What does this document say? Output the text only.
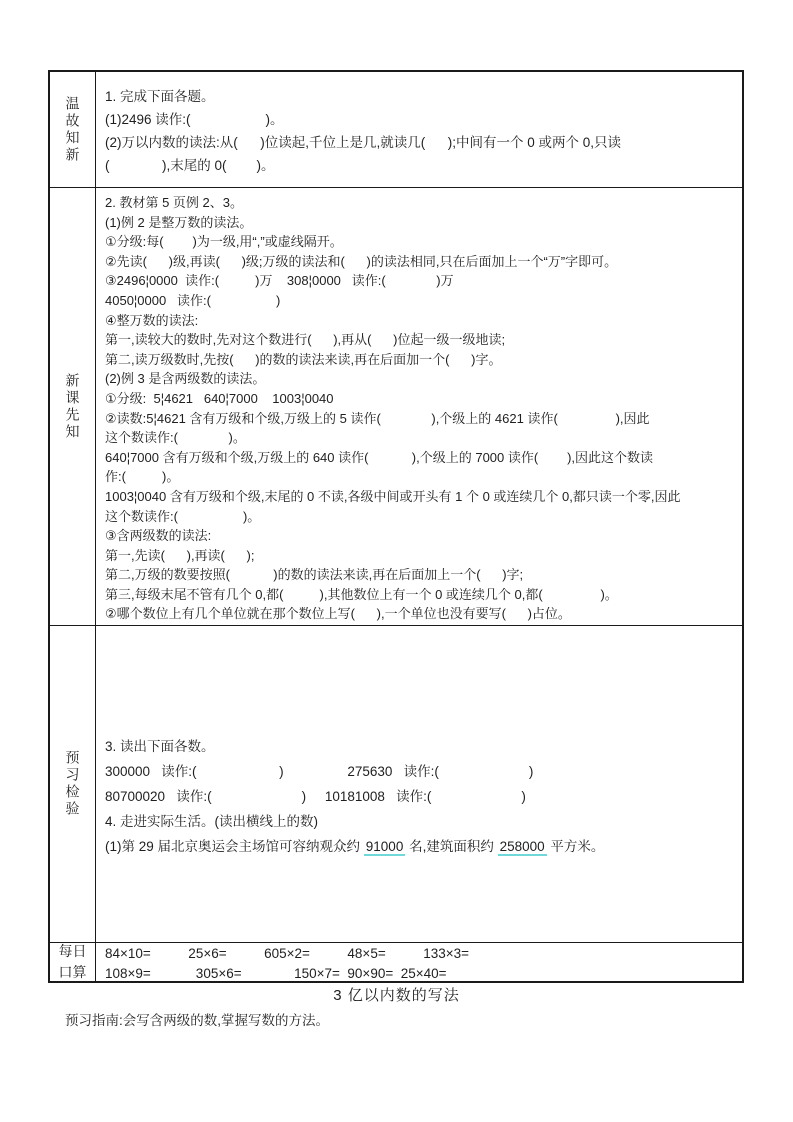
温故知新 1. 完成下面各题。
(1)2496 读作:(                    )。
(2)万以内数的读法:从(      )位读起,千位上是几,就读几(      );中间有一个 0 或两个 0,只读
(              ),末尾的 0(        )。
新课先知
2. 教材第 5 页例 2、3。
(1)例 2 是整万数的读法。
①分级:每(        )为一级,用“,”或虚线隔开。
②先读(      )级,再读(      )级;万级的读法和(      )的读法相同,只在后面加上一个“万”字即可。
③2496¦0000  读作:(          )万    308¦0000   读作:(              )万
4050¦0000   读作:(                  )
④整万数的读法:
第一,读较大的数时,先对这个数进行(      ),再从(      )位起一级一级地读;
第二,读万级数时,先按(      )的数的读法来读,再在后面加一个(      )字。
(2)例 3 是含两级数的读法。
①分级:  5¦4621   640¦7000    1003¦0040
②读数:5¦4621 含有万级和个级,万级上的 5 读作(              ),个级上的 4621 读作(                ),因此
这个数读作:(              )。
640¦7000 含有万级和个级,万级上的 640 读作(            ),个级上的 7000 读作(        ),因此这个数读
作:(          )。
1003¦0040 含有万级和个级,末尾的 0 不读,各级中间或开头有 1 个 0 或连续几个 0,都只读一个零,因此
这个数读作:(                  )。
③含两级数的读法:
第一,先读(      ),再读(      );
第二,万级的数要按照(            )的数的读法来读,再在后面加上一个(      )字;
第三,每级末尾不管有几个 0,都(          ),其他数位上有一个 0 或连续几个 0,都(                )。
②哪个数位上有几个单位就在那个数位上写(      ),一个单位也没有要写(      )占位。
预习检验
3. 读出下面各数。
300000   读作:(                      )                 275630   读作:(                        )
80700020   读作:(                        )     10181008   读作:(                        )
4. 走进实际生活。(读出横线上的数)
(1)第 29 届北京奥运会主场馆可容纳观众约 91000 名,建筑面积约 258000 平方米。
每日
口算
84×10=          25×6=          605×2=          48×5=          133×3=
108×9=            305×6=              150×7=  90×90=  25×40=
3 亿以内数的写法
预习指南:会写含两级的数,掌握写数的方法。
